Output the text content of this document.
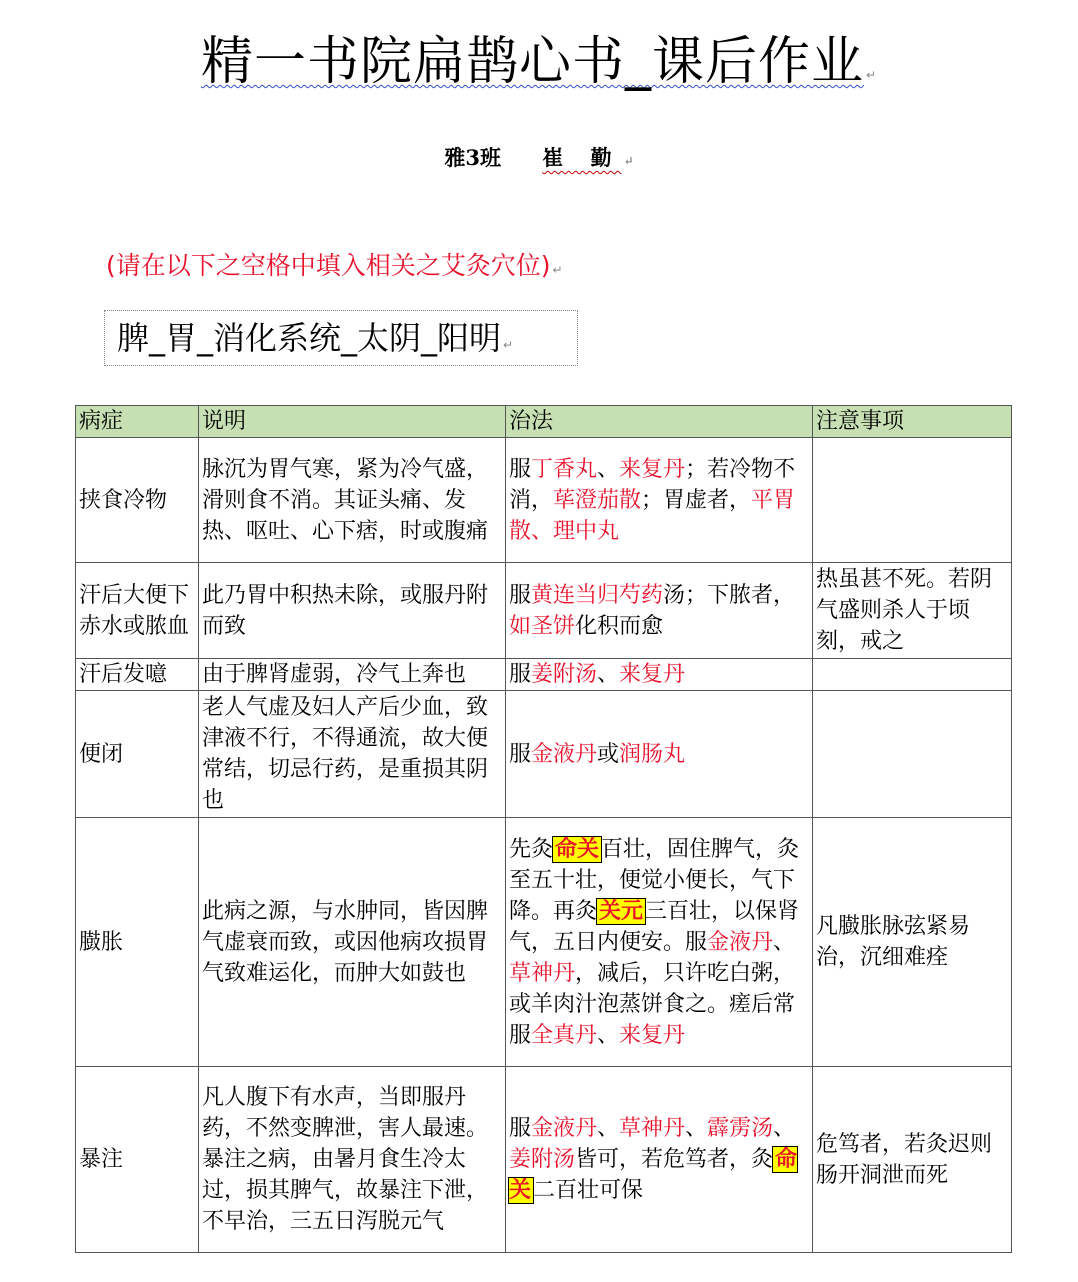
精一书院扁鹊心书_课后作业 ↵
雅3班 崔 勤 ↵
(请在以下之空格中填入相关之艾灸穴位) ↵
脾_胃_消化系统_太阴_阳明 ↵
病症	说明	治法	注意事项
挟食冷物	脉沉为胃气寒，紧为冷气盛，滑则食不消。其证头痛、发热、呕吐、心下痞，时或腹痛	服丁香丸、来复丹；若冷物不消，荜澄茄散；胃虚者，平胃散、理中丸	
汗后大便下赤水或脓血	此乃胃中积热未除，或服丹附而致	服黄连当归芍药汤；下脓者，如圣饼化积而愈	热虽甚不死。若阴气盛则杀人于顷刻，戒之
汗后发噫	由于脾肾虚弱，冷气上奔也	服姜附汤、来复丹	
便闭	老人气虚及妇人产后少血，致津液不行，不得通流，故大便常结，切忌行药，是重损其阴也	服金液丹或润肠丸	
臌胀	此病之源，与水肿同，皆因脾气虚衰而致，或因他病攻损胃气致难运化，而肿大如鼓也	先灸命关百壮，固住脾气，灸至五十壮，便觉小便长，气下降。再灸关元三百壮，以保肾气，五日内便安。服金液丹、草神丹，减后，只许吃白粥，或羊肉汁泡蒸饼食之。瘥后常服全真丹、来复丹	凡臌胀脉弦紧易治，沉细难痊
暴注	凡人腹下有水声，当即服丹药，不然变脾泄，害人最速。暴注之病，由暑月食生冷太过，损其脾气，故暴注下泄，不早治，三五日泻脱元气	服金液丹、草神丹、霹雳汤、姜附汤皆可，若危笃者，灸命关二百壮可保	危笃者，若灸迟则肠开洞泄而死
